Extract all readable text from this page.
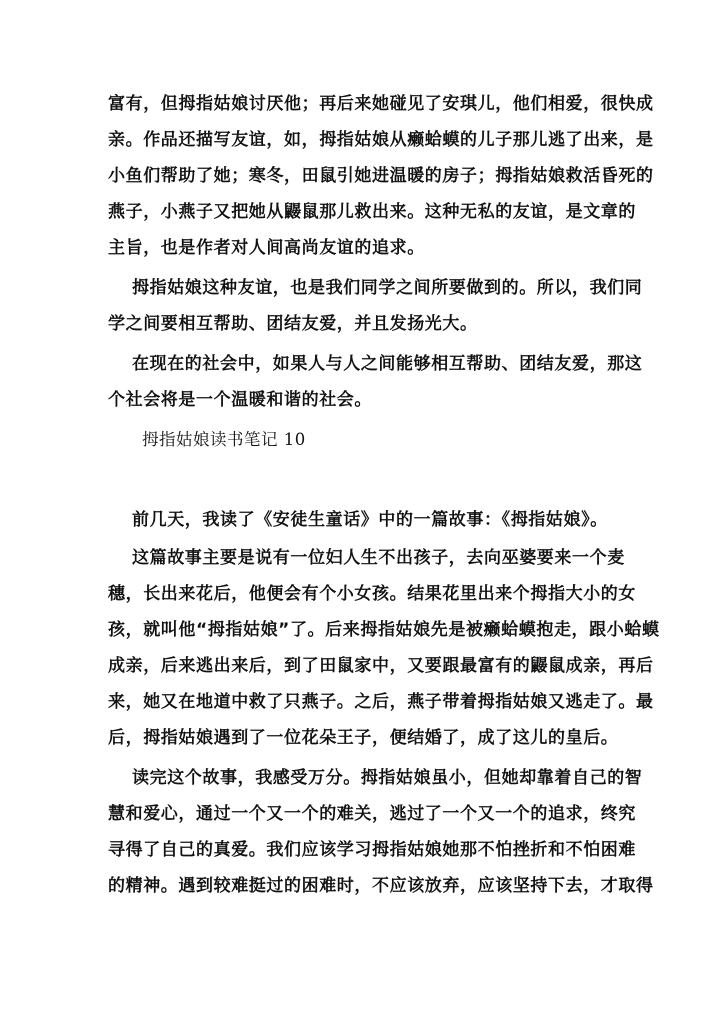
富有，但拇指姑娘讨厌他；再后来她碰见了安琪儿，他们相爱，很快成
亲。作品还描写友谊，如，拇指姑娘从癞蛤蟆的儿子那儿逃了出来，是
小鱼们帮助了她；寒冬，田鼠引她进温暖的房子；拇指姑娘救活昏死的
燕子，小燕子又把她从鼹鼠那儿救出来。这种无私的友谊，是文章的
主旨，也是作者对人间高尚友谊的追求。
拇指姑娘这种友谊，也是我们同学之间所要做到的。所以，我们同
学之间要相互帮助、团结友爱，并且发扬光大。
在现在的社会中，如果人与人之间能够相互帮助、团结友爱，那这
个社会将是一个温暖和谐的社会。
拇指姑娘读书笔记 10
前几天，我读了《安徒生童话》中的一篇故事：《拇指姑娘》。
这篇故事主要是说有一位妇人生不出孩子，去向巫婆要来一个麦
穗，长出来花后，他便会有个小女孩。结果花里出来个拇指大小的女
孩，就叫他“拇指姑娘”了。后来拇指姑娘先是被癞蛤蟆抱走，跟小蛤蟆
成亲，后来逃出来后，到了田鼠家中，又要跟最富有的鼹鼠成亲，再后
来，她又在地道中救了只燕子。之后，燕子带着拇指姑娘又逃走了。最
后，拇指姑娘遇到了一位花朵王子，便结婚了，成了这儿的皇后。
读完这个故事，我感受万分。拇指姑娘虽小，但她却靠着自己的智
慧和爱心，通过一个又一个的难关，逃过了一个又一个的追求，终究
寻得了自己的真爱。我们应该学习拇指姑娘她那不怕挫折和不怕困难
的精神。遇到较难挺过的困难时，不应该放弃，应该坚持下去，才取得
